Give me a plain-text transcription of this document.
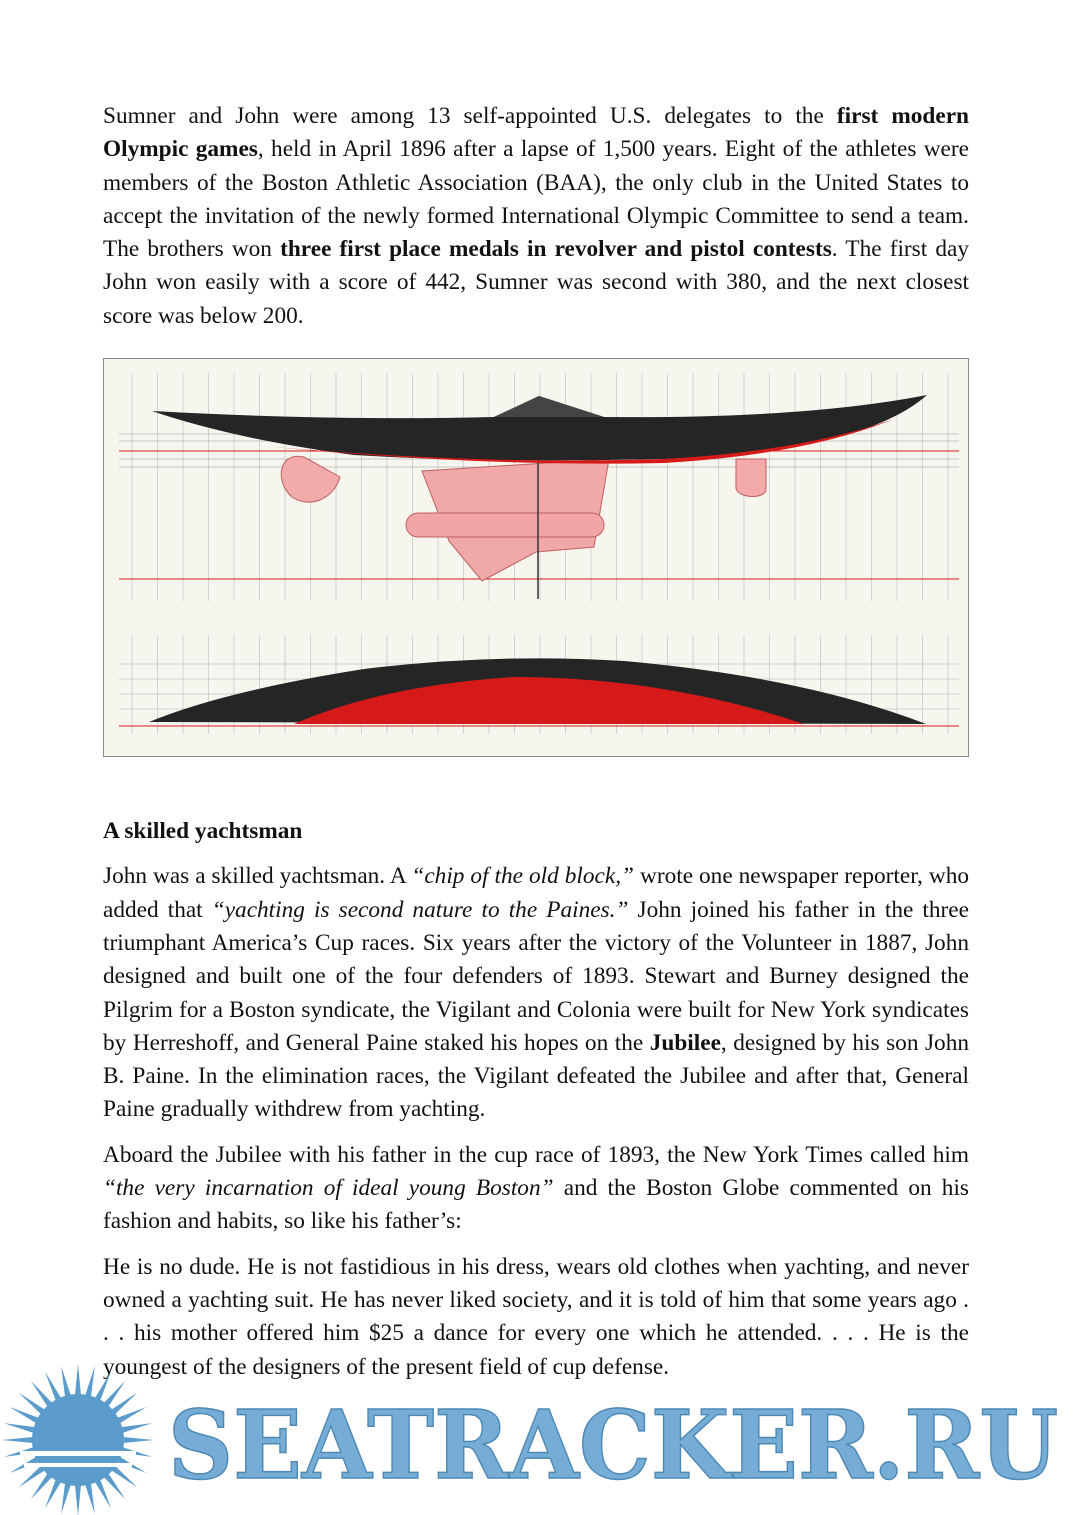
Sumner and John were among 13 self-appointed U.S. delegates to the first modern Olympic games, held in April 1896 after a lapse of 1,500 years. Eight of the athletes were members of the Boston Athletic Association (BAA), the only club in the United States to accept the invitation of the newly formed International Olympic Committee to send a team. The brothers won three first place medals in revolver and pistol contests. The first day John won easily with a score of 442, Sumner was second with 380, and the next closest score was below 200.

A skilled yachtsman

John was a skilled yachtsman. A “chip of the old block,” wrote one newspaper reporter, who added that “yachting is second nature to the Paines.” John joined his father in the three triumphant America’s Cup races. Six years after the victory of the Volunteer in 1887, John designed and built one of the four defenders of 1893. Stewart and Burney designed the Pilgrim for a Boston syndicate, the Vigilant and Colonia were built for New York syndicates by Herreshoff, and General Paine staked his hopes on the Jubilee, designed by his son John B. Paine. In the elimination races, the Vigilant defeated the Jubilee and after that, General Paine gradually withdrew from yachting.

Aboard the Jubilee with his father in the cup race of 1893, the New York Times called him “the very incarnation of ideal young Boston” and the Boston Globe commented on his fashion and habits, so like his father’s:

He is no dude. He is not fastidious in his dress, wears old clothes when yachting, and never owned a yachting suit. He has never liked society, and it is told of him that some years ago . . . his mother offered him $25 a dance for every one which he attended. . . . He is the youngest of the designers of the present field of cup defense.

SEATRACKER.RU
